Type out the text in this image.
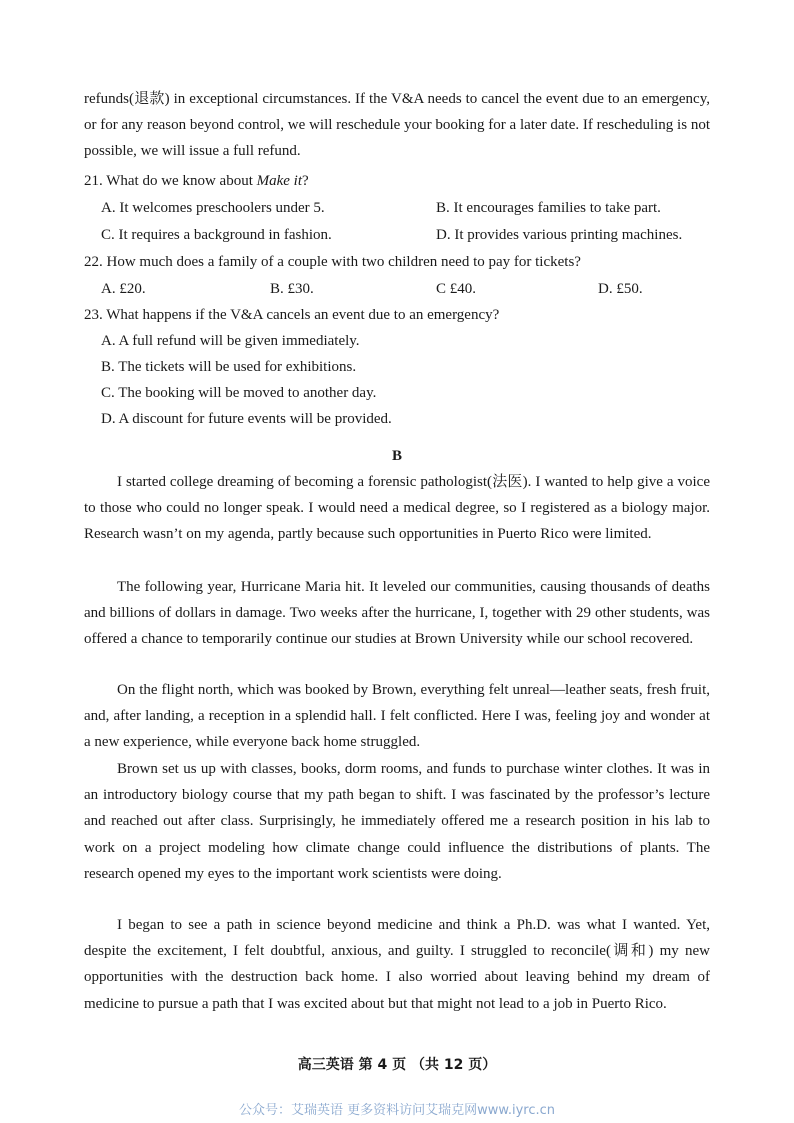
refunds(退款) in exceptional circumstances. If the V&A needs to cancel the event due to an emergency, or for any reason beyond control, we will reschedule your booking for a later date. If rescheduling is not possible, we will issue a full refund.
21. What do we know about Make it?
A. It welcomes preschoolers under 5.	B. It encourages families to take part.
C. It requires a background in fashion.	D. It provides various printing machines.
22. How much does a family of a couple with two children need to pay for tickets?
A. £20.	B. £30.	C £40.	D. £50.
23. What happens if the V&A cancels an event due to an emergency?
A. A full refund will be given immediately.
B. The tickets will be used for exhibitions.
C. The booking will be moved to another day.
D. A discount for future events will be provided.
B
I started college dreaming of becoming a forensic pathologist(法医). I wanted to help give a voice to those who could no longer speak. I would need a medical degree, so I registered as a biology major. Research wasn’t on my agenda, partly because such opportunities in Puerto Rico were limited.
The following year, Hurricane Maria hit. It leveled our communities, causing thousands of deaths and billions of dollars in damage. Two weeks after the hurricane, I, together with 29 other students, was offered a chance to temporarily continue our studies at Brown University while our school recovered.
On the flight north, which was booked by Brown, everything felt unreal—leather seats, fresh fruit, and, after landing, a reception in a splendid hall. I felt conflicted. Here I was, feeling joy and wonder at a new experience, while everyone back home struggled.
Brown set us up with classes, books, dorm rooms, and funds to purchase winter clothes. It was in an introductory biology course that my path began to shift. I was fascinated by the professor’s lecture and reached out after class. Surprisingly, he immediately offered me a research position in his lab to work on a project modeling how climate change could influence the distributions of plants. The research opened my eyes to the important work scientists were doing.
I began to see a path in science beyond medicine and think a Ph.D. was what I wanted. Yet, despite the excitement, I felt doubtful, anxious, and guilty. I struggled to reconcile(调和) my new opportunities with the destruction back home. I also worried about leaving behind my dream of medicine to pursue a path that I was excited about but that might not lead to a job in Puerto Rico.
高三英语 第 4 页 （共 12 页）
公众号：艾瑞英语 更多资料访问艾瑞克网www.iyrc.cn
